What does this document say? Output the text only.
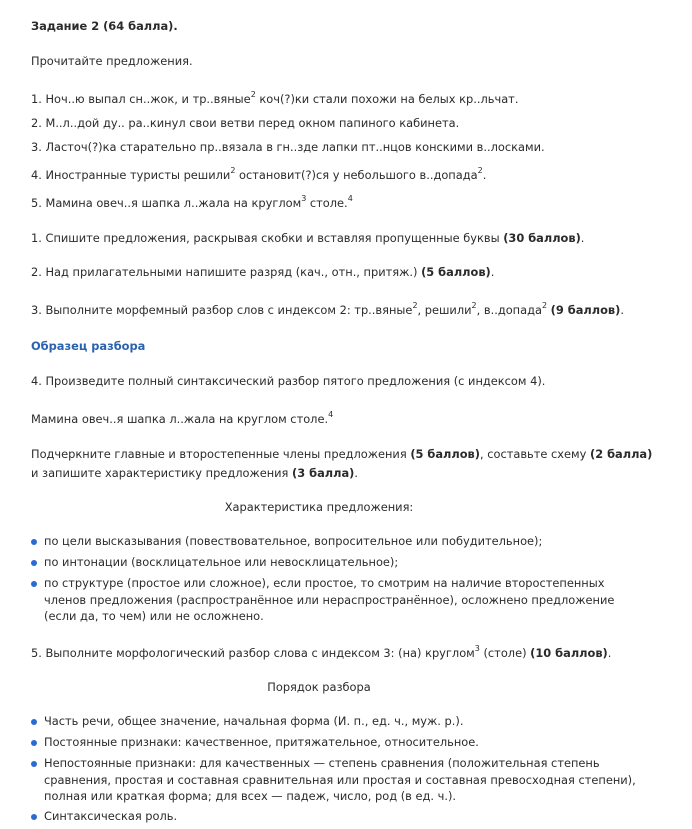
Задание 2 (64 балла).
Прочитайте предложения.
1. Ноч..ю выпал сн..жок, и тр..вяные$^2$ коч(?)ки стали похожи на белых кр..льчат.
2. М..л..дой ду.. ра..кинул свои ветви перед окном папиного кабинета.
3. Ласточ(?)ка старательно пр..вязала в гн..зде лапки пт..нцов конскими в..лосками.
4. Иностранные туристы решили$^2$ остановит(?)ся у небольшого в..допада$^2$.
5. Мамина овеч..я шапка л..жала на круглом$^3$ столе.$^4$
1. Спишите предложения, раскрывая скобки и вставляя пропущенные буквы (30 баллов).
2. Над прилагательными напишите разряд (кач., отн., притяж.) (5 баллов).
3. Выполните морфемный разбор слов с индексом 2: тр..вяные$^2$, решили$^2$, в..допада$^2$ (9 баллов).
Образец разбора
4. Произведите полный синтаксический разбор пятого предложения (с индексом 4).
Мамина овеч..я шапка л..жала на круглом столе.$^4$
Подчеркните главные и второстепенные члены предложения (5 баллов), составьте схему (2 балла)
и запишите характеристику предложения (3 балла).
Характеристика предложения:
по цели высказывания (повествовательное, вопросительное или побудительное);
по интонации (восклицательное или невосклицательное);
по структуре (простое или сложное), если простое, то смотрим на наличие второстепенных
членов предложения (распространённое или нераспространённое), осложнено предложение
(если да, то чем) или не осложнено.
5. Выполните морфологический разбор слова с индексом 3: (на) круглом$^3$ (столе) (10 баллов).
Порядок разбора
Часть речи, общее значение, начальная форма (И. п., ед. ч., муж. р.).
Постоянные признаки: качественное, притяжательное, относительное.
Непостоянные признаки: для качественных — степень сравнения (положительная степень
сравнения, простая и составная сравнительная или простая и составная превосходная степени),
полная или краткая форма; для всех — падеж, число, род (в ед. ч.).
Синтаксическая роль.
